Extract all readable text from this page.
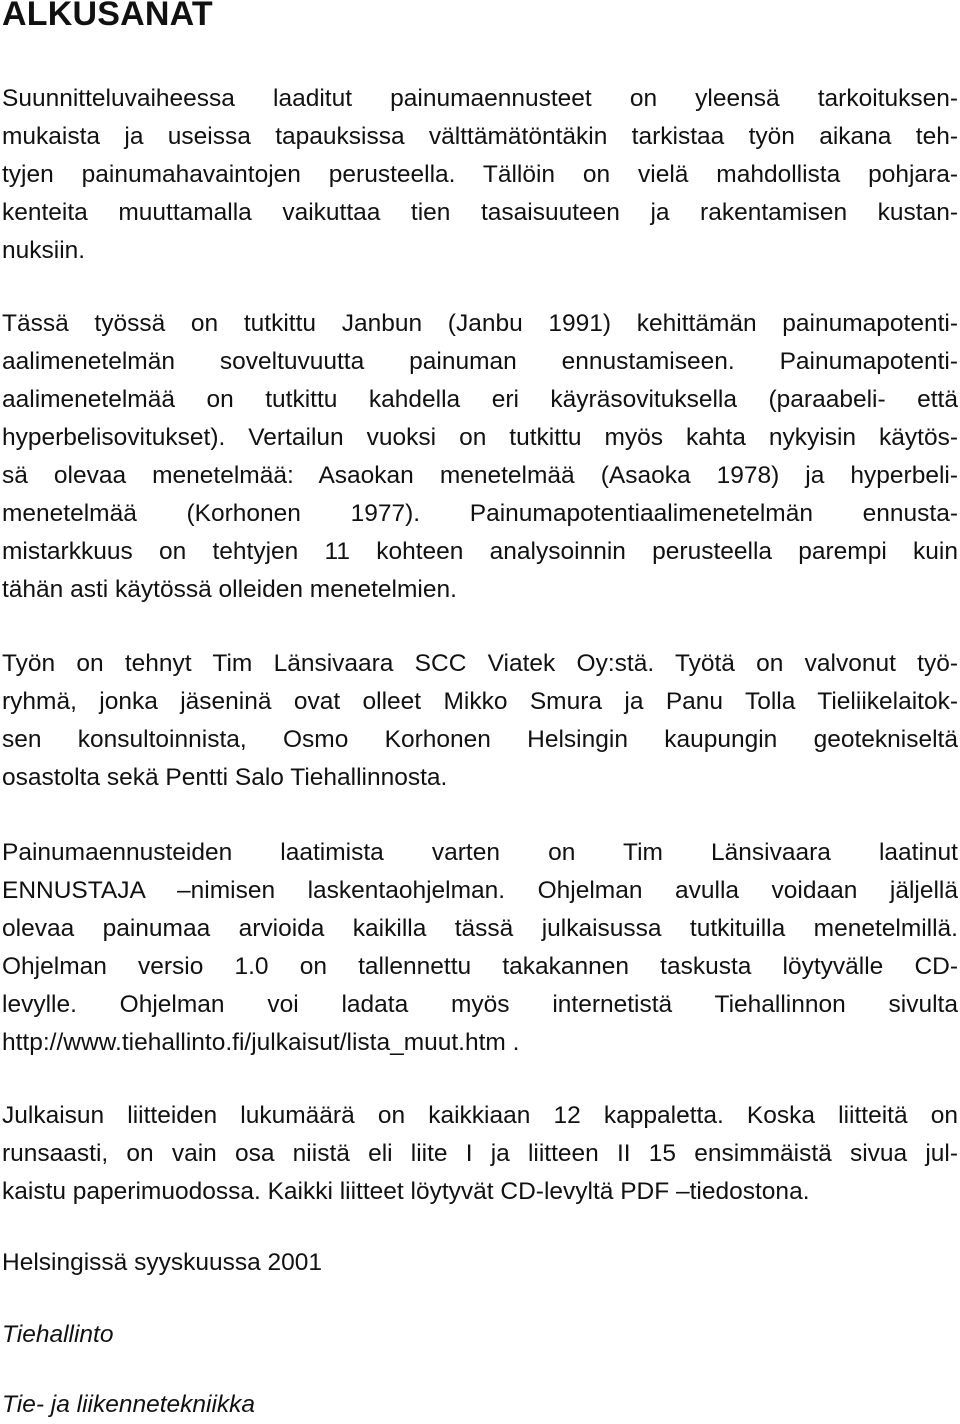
ALKUSANAT
Suunnitteluvaiheessa laaditut painumaennusteet on yleensä tarkoituksen-
mukaista ja useissa tapauksissa välttämätöntäkin tarkistaa työn aikana teh-
tyjen painumahavaintojen perusteella. Tällöin on vielä mahdollista pohjara-
kenteita muuttamalla vaikuttaa tien tasaisuuteen ja rakentamisen kustan-
nuksiin.
Tässä työssä on tutkittu Janbun (Janbu 1991) kehittämän painumapotenti-
aalimenetelmän soveltuvuutta painuman ennustamiseen. Painumapotenti-
aalimenetelmää on tutkittu kahdella eri käyräsovituksella (paraabeli- että
hyperbelisovitukset). Vertailun vuoksi on tutkittu myös kahta nykyisin käytös-
sä olevaa menetelmää: Asaokan menetelmää (Asaoka 1978) ja hyperbeli-
menetelmää (Korhonen 1977). Painumapotentiaalimenetelmän ennusta-
mistarkkuus on tehtyjen 11 kohteen analysoinnin perusteella parempi kuin
tähän asti käytössä olleiden menetelmien.
Työn on tehnyt Tim Länsivaara SCC Viatek Oy:stä. Työtä on valvonut työ-
ryhmä, jonka jäseninä ovat olleet Mikko Smura ja Panu Tolla Tieliikelaitok-
sen konsultoinnista, Osmo Korhonen Helsingin kaupungin geotekniseltä
osastolta sekä Pentti Salo Tiehallinnosta.
Painumaennusteiden laatimista varten on Tim Länsivaara laatinut
ENNUSTAJA –nimisen laskentaohjelman. Ohjelman avulla voidaan jäljellä
olevaa painumaa arvioida kaikilla tässä julkaisussa tutkituilla menetelmillä.
Ohjelman versio 1.0 on tallennettu takakannen taskusta löytyvälle CD-
levylle. Ohjelman voi ladata myös internetistä Tiehallinnon sivulta
http://www.tiehallinto.fi/julkaisut/lista_muut.htm .
Julkaisun liitteiden lukumäärä on kaikkiaan 12 kappaletta. Koska liitteitä on
runsaasti, on vain osa niistä eli liite I ja liitteen II 15 ensimmäistä sivua jul-
kaistu paperimuodossa. Kaikki liitteet löytyvät CD-levyltä PDF –tiedostona.
Helsingissä syyskuussa 2001
Tiehallinto
Tie- ja liikennetekniikka
